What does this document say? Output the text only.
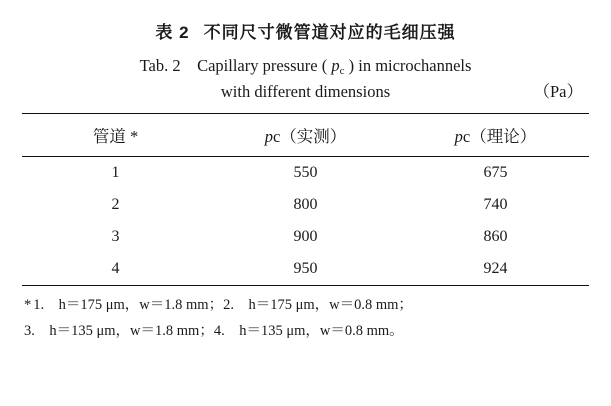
表 2 不同尺寸微管道对应的毛细压强
Tab. 2　Capillary pressure ( pc ) in microchannels
with different dimensions	（Pa）
管道 *	pc（实测）	pc（理论）
1	550	675
2	800	740
3	900	860
4	950	924
* 1.　h＝175 μm，w＝1.8 mm；2.　h＝175 μm，w＝0.8 mm；
3.　h＝135 μm，w＝1.8 mm；4.　h＝135 μm，w＝0.8 mm。
